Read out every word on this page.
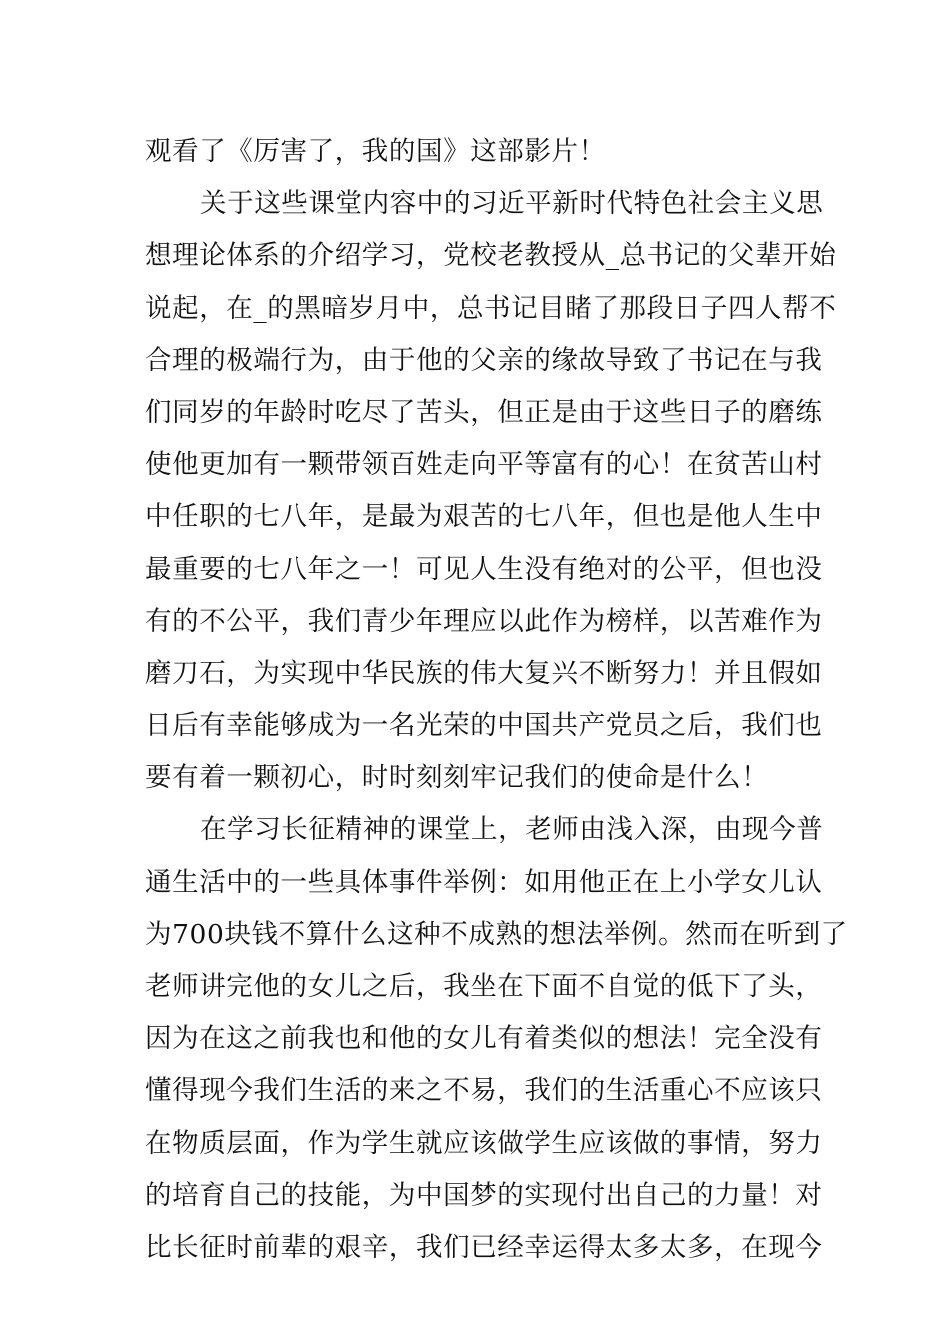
观看了《厉害了，我的国》这部影片！
关于这些课堂内容中的习近平新时代特色社会主义思
想理论体系的介绍学习，党校老教授从_总书记的父辈开始
说起，在_的黑暗岁月中，总书记目睹了那段日子四人帮不
合理的极端行为，由于他的父亲的缘故导致了书记在与我
们同岁的年龄时吃尽了苦头，但正是由于这些日子的磨练
使他更加有一颗带领百姓走向平等富有的心！在贫苦山村
中任职的七八年，是最为艰苦的七八年，但也是他人生中
最重要的七八年之一！可见人生没有绝对的公平，但也没
有的不公平，我们青少年理应以此作为榜样，以苦难作为
磨刀石，为实现中华民族的伟大复兴不断努力！并且假如
日后有幸能够成为一名光荣的中国共产党员之后，我们也
要有着一颗初心，时时刻刻牢记我们的使命是什么！
在学习长征精神的课堂上，老师由浅入深，由现今普
通生活中的一些具体事件举例：如用他正在上小学女儿认
为700块钱不算什么这种不成熟的想法举例。然而在听到了
老师讲完他的女儿之后，我坐在下面不自觉的低下了头，
因为在这之前我也和他的女儿有着类似的想法！完全没有
懂得现今我们生活的来之不易，我们的生活重心不应该只
在物质层面，作为学生就应该做学生应该做的事情，努力
的培育自己的技能，为中国梦的实现付出自己的力量！对
比长征时前辈的艰辛，我们已经幸运得太多太多，在现今
